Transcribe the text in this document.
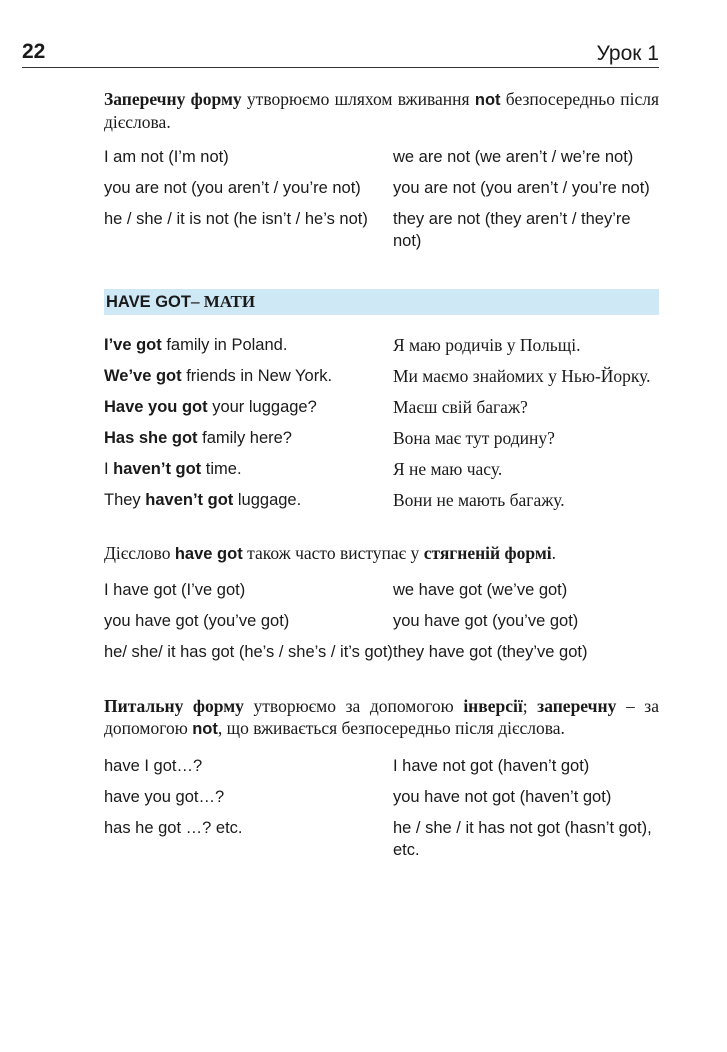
22	Урок 1

Заперечну форму утворюємо шляхом вживання not безпосередньо після дієслова.

I am not (I’m not)	we are not (we aren’t / we’re not)
you are not (you aren’t / you’re not)	you are not (you aren’t / you’re not)
he / she / it is not (he isn’t / he’s not)	they are not (they aren’t / they’re not)
HAVE GOT – МАТИ
I’ve got family in Poland.	Я маю родичів у Польщі.
We’ve got friends in New York.	Ми маємо знайомих у Нью-Йорку.
Have you got your luggage?	Маєш свій багаж?
Has she got family here?	Вона має тут родину?
I haven’t got time.	Я не маю часу.
They haven’t got luggage.	Вони не мають багажу.

Дієслово have got також часто виступає у стягненій формі.

I have got (I’ve got)	we have got (we’ve got)
you have got (you’ve got)	you have got (you’ve got)
he/ she/ it has got (he’s / she’s / it’s got) they have got (they’ve got)

Питальну форму утворюємо за допомогою інверсії; заперечну – за допомогою not, що вживається безпосередньо після дієслова.

have I got…?	I have not got (haven’t got)
have you got…?	you have not got (haven’t got)
has he got …? etc.	he / she / it has not got (hasn’t got), etc.
